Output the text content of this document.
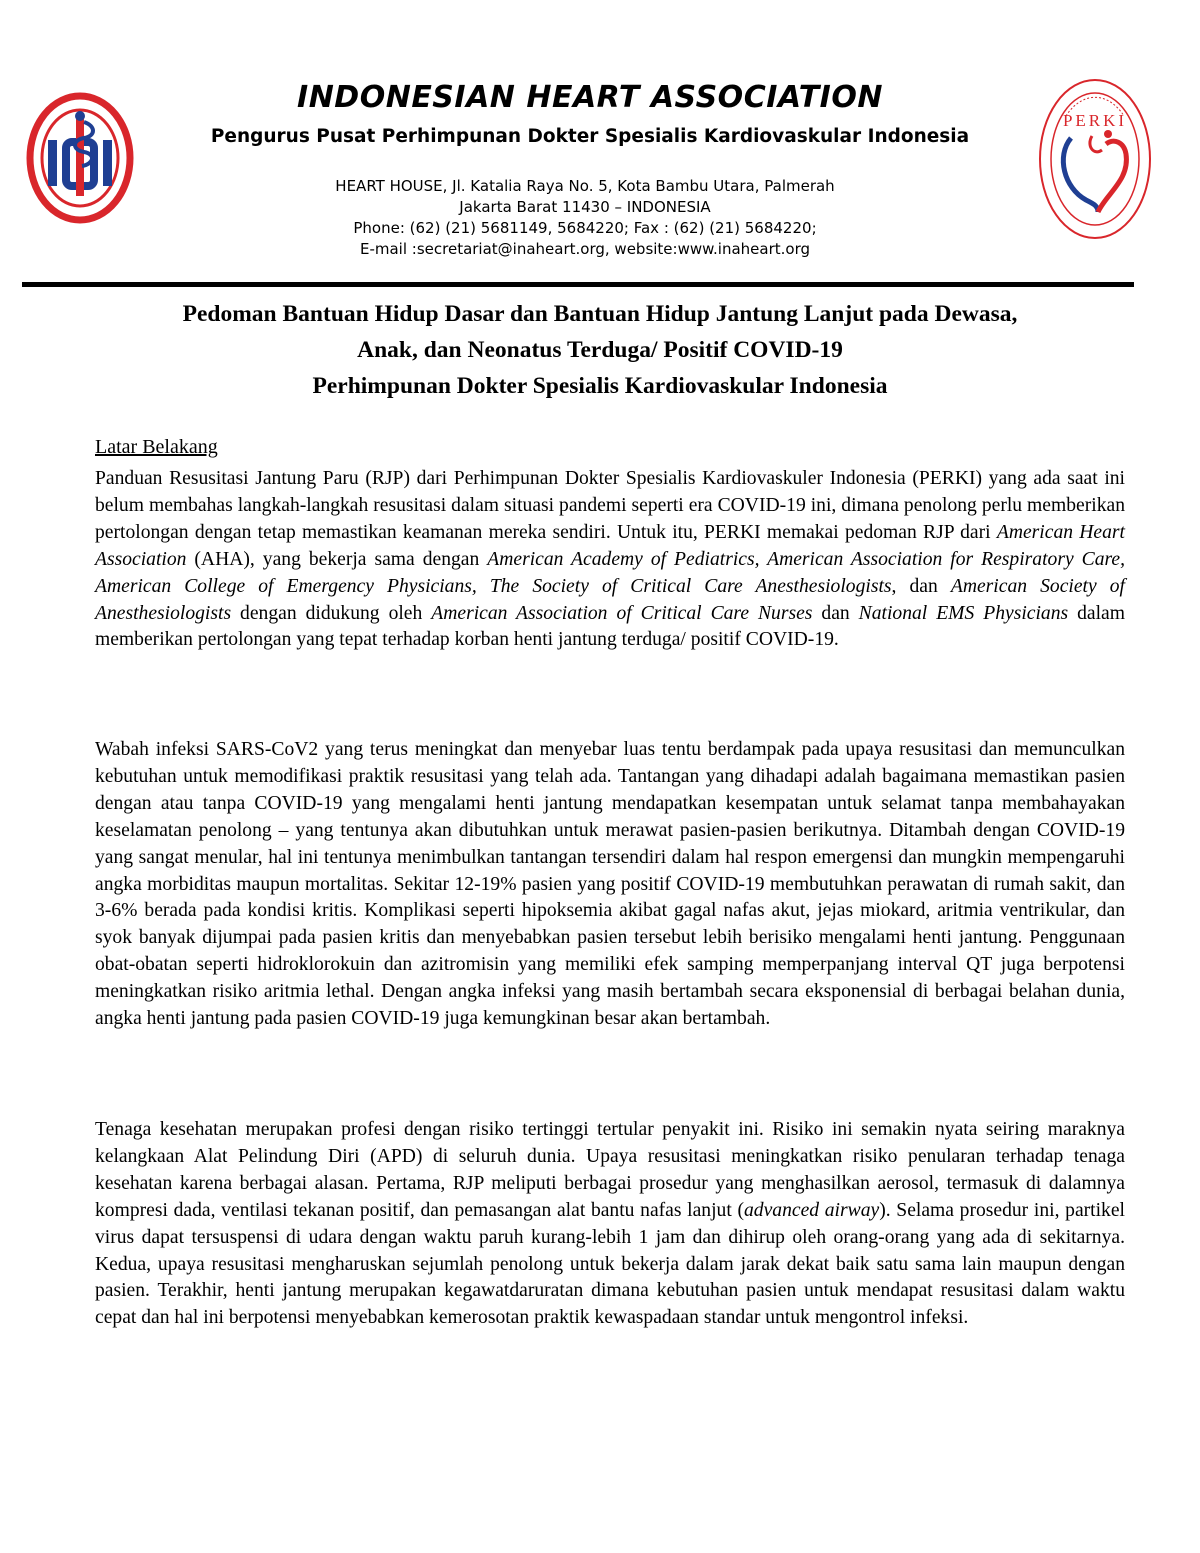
PERKI
INDONESIAN HEART ASSOCIATION
Pengurus Pusat Perhimpunan Dokter Spesialis Kardiovaskular Indonesia
HEART HOUSE, Jl. Katalia Raya No. 5, Kota Bambu Utara, Palmerah
Jakarta Barat 11430 – INDONESIA
Phone: (62) (21) 5681149, 5684220; Fax : (62) (21) 5684220;
E-mail :secretariat@inaheart.org, website:www.inaheart.org
Pedoman Bantuan Hidup Dasar dan Bantuan Hidup Jantung Lanjut pada Dewasa,
Anak, dan Neonatus Terduga/ Positif COVID-19
Perhimpunan Dokter Spesialis Kardiovaskular Indonesia
Latar Belakang

Panduan Resusitasi Jantung Paru (RJP) dari Perhimpunan Dokter Spesialis Kardiovaskuler Indonesia (PERKI) yang ada saat ini belum membahas langkah-langkah resusitasi dalam situasi pandemi seperti era COVID-19 ini, dimana penolong perlu memberikan pertolongan dengan tetap memastikan keamanan mereka sendiri. Untuk itu, PERKI memakai pedoman RJP dari American Heart Association (AHA), yang bekerja sama dengan American Academy of Pediatrics, American Association for Respiratory Care, American College of Emergency Physicians, The Society of Critical Care Anesthesiologists, dan American Society of Anesthesiologists dengan didukung oleh American Association of Critical Care Nurses dan National EMS Physicians dalam memberikan pertolongan yang tepat terhadap korban henti jantung terduga/ positif COVID-19.

Wabah infeksi SARS-CoV2 yang terus meningkat dan menyebar luas tentu berdampak pada upaya resusitasi dan memunculkan kebutuhan untuk memodifikasi praktik resusitasi yang telah ada. Tantangan yang dihadapi adalah bagaimana memastikan pasien dengan atau tanpa COVID-19 yang mengalami henti jantung mendapatkan kesempatan untuk selamat tanpa membahayakan keselamatan penolong – yang tentunya akan dibutuhkan untuk merawat pasien-pasien berikutnya. Ditambah dengan COVID-19 yang sangat menular, hal ini tentunya menimbulkan tantangan tersendiri dalam hal respon emergensi dan mungkin mempengaruhi angka morbiditas maupun mortalitas. Sekitar 12-19% pasien yang positif COVID-19 membutuhkan perawatan di rumah sakit, dan 3-6% berada pada kondisi kritis. Komplikasi seperti hipoksemia akibat gagal nafas akut, jejas miokard, aritmia ventrikular, dan syok banyak dijumpai pada pasien kritis dan menyebabkan pasien tersebut lebih berisiko mengalami henti jantung. Penggunaan obat-obatan seperti hidroklorokuin dan azitromisin yang memiliki efek samping memperpanjang interval QT juga berpotensi meningkatkan risiko aritmia lethal. Dengan angka infeksi yang masih bertambah secara eksponensial di berbagai belahan dunia, angka henti jantung pada pasien COVID-19 juga kemungkinan besar akan bertambah.

Tenaga kesehatan merupakan profesi dengan risiko tertinggi tertular penyakit ini. Risiko ini semakin nyata seiring maraknya kelangkaan Alat Pelindung Diri (APD) di seluruh dunia. Upaya resusitasi meningkatkan risiko penularan terhadap tenaga kesehatan karena berbagai alasan. Pertama, RJP meliputi berbagai prosedur yang menghasilkan aerosol, termasuk di dalamnya kompresi dada, ventilasi tekanan positif, dan pemasangan alat bantu nafas lanjut (advanced airway). Selama prosedur ini, partikel virus dapat tersuspensi di udara dengan waktu paruh kurang-lebih 1 jam dan dihirup oleh orang-orang yang ada di sekitarnya. Kedua, upaya resusitasi mengharuskan sejumlah penolong untuk bekerja dalam jarak dekat baik satu sama lain maupun dengan pasien. Terakhir, henti jantung merupakan kegawatdaruratan dimana kebutuhan pasien untuk mendapat resusitasi dalam waktu cepat dan hal ini berpotensi menyebabkan kemerosotan praktik kewaspadaan standar untuk mengontrol infeksi.
